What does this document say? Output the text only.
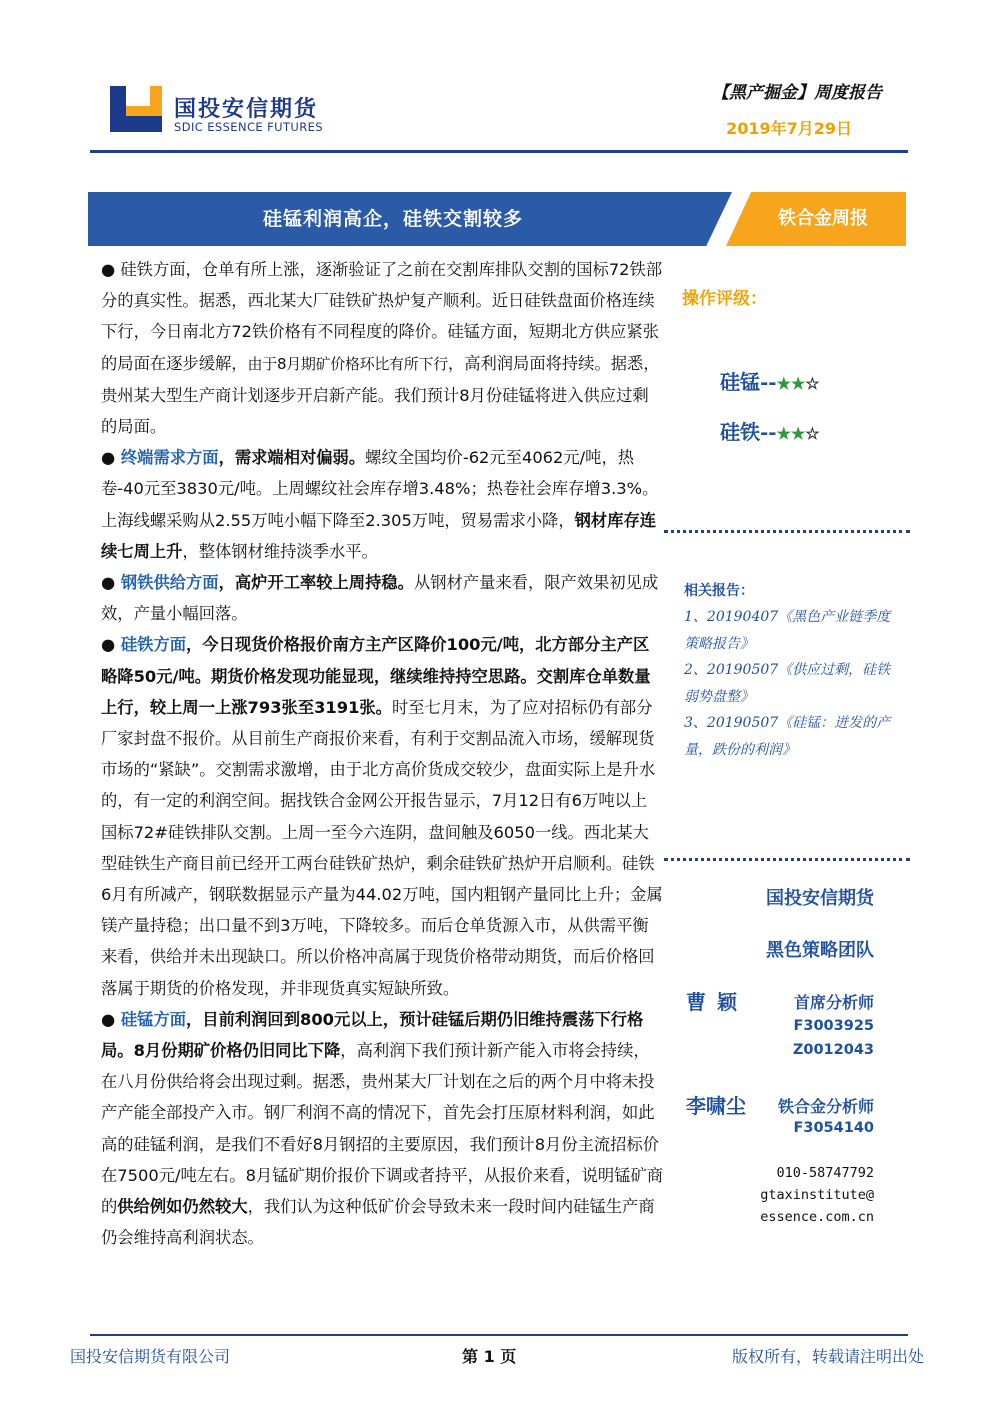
国投安信期货
SDIC ESSENCE FUTURES
【黑产掘金】周度报告
2019年7月29日
硅锰利润高企，硅铁交割较多	铁合金周报

● 硅铁方面，仓单有所上涨，逐渐验证了之前在交割库排队交割的国标72铁部分的真实性。据悉，西北某大厂硅铁矿热炉复产顺利。近日硅铁盘面价格连续下行，今日南北方72铁价格有不同程度的降价。硅锰方面，短期北方供应紧张的局面在逐步缓解，由于8月期矿价格环比有所下行，高利润局面将持续。据悉，贵州某大型生产商计划逐步开启新产能。我们预计8月份硅锰将进入供应过剩的局面。

● 终端需求方面，需求端相对偏弱。螺纹全国均价-62元至4062元/吨，热卷-40元至3830元/吨。上周螺纹社会库存增3.48%；热卷社会库存增3.3%。上海线螺采购从2.55万吨小幅下降至2.305万吨，贸易需求小降，钢材库存连续七周上升，整体钢材维持淡季水平。

● 钢铁供给方面，高炉开工率较上周持稳。从钢材产量来看，限产效果初见成效，产量小幅回落。

● 硅铁方面，今日现货价格报价南方主产区降价100元/吨，北方部分主产区略降50元/吨。期货价格发现功能显现，继续维持持空思路。交割库仓单数量上行，较上周一上涨793张至3191张。时至七月末，为了应对招标仍有部分厂家封盘不报价。从目前生产商报价来看，有利于交割品流入市场，缓解现货市场的“紧缺”。交割需求激增，由于北方高价货成交较少，盘面实际上是升水的，有一定的利润空间。据找铁合金网公开报告显示，7月12日有6万吨以上国标72#硅铁排队交割。上周一至今六连阴，盘间触及6050一线。西北某大型硅铁生产商目前已经开工两台硅铁矿热炉，剩余硅铁矿热炉开启顺利。硅铁6月有所减产，钢联数据显示产量为44.02万吨，国内粗钢产量同比上升；金属镁产量持稳；出口量不到3万吨，下降较多。而后仓单货源入市，从供需平衡来看，供给并未出现缺口。所以价格冲高属于现货价格带动期货，而后价格回落属于期货的价格发现，并非现货真实短缺所致。

● 硅锰方面，目前利润回到800元以上，预计硅锰后期仍旧维持震荡下行格局。8月份期矿价格仍旧同比下降，高利润下我们预计新产能入市将会持续，在八月份供给将会出现过剩。据悉，贵州某大厂计划在之后的两个月中将未投产产能全部投产入市。钢厂利润不高的情况下，首先会打压原材料利润，如此高的硅锰利润，是我们不看好8月钢招的主要原因，我们预计8月份主流招标价在7500元/吨左右。8月锰矿期价报价下调或者持平，从报价来看，说明锰矿商的供给例如仍然较大，我们认为这种低矿价会导致未来一段时间内硅锰生产商仍会维持高利润状态。

操作评级：
硅锰--★★☆
硅铁--★★☆
相关报告：
1、20190407《黑色产业链季度策略报告》
2、20190507《供应过剩，硅铁弱势盘整》
3、20190507《硅锰：迸发的产量，跌份的利润》
国投安信期货
黑色策略团队
曹 颖	首席分析师
F3003925
Z0012043
李啸尘 铁合金分析师
F3054140
010-58747792
gtaxinstitute@
essence.com.cn
国投安信期货有限公司	第 1 页	版权所有，转载请注明出处
